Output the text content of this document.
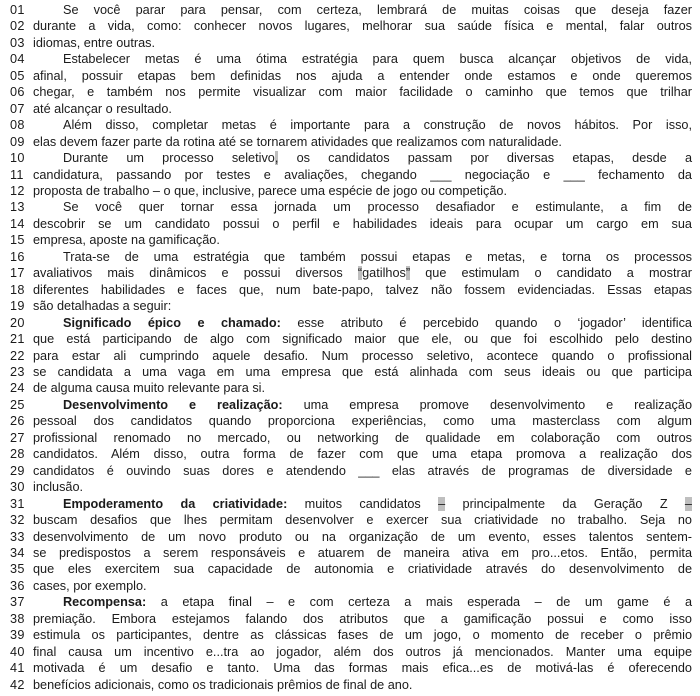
01	Se você parar para pensar, com certeza, lembrará de muitas coisas que deseja fazer
02 durante a vida, como: conhecer novos lugares, melhorar sua saúde física e mental, falar outros
03 idiomas, entre outras.
04	Estabelecer metas é uma ótima estratégia para quem busca alcançar objetivos de vida,
05 afinal, possuir etapas bem definidas nos ajuda a entender onde estamos e onde queremos
06 chegar, e também nos permite visualizar com maior facilidade o caminho que temos que trilhar
07 até alcançar o resultado.
08	Além disso, completar metas é importante para a construção de novos hábitos. Por isso,
09 elas devem fazer parte da rotina até se tornarem atividades que realizamos com naturalidade.
10	Durante um processo seletivo, os candidatos passam por diversas etapas, desde a
11 candidatura, passando por testes e avaliações, chegando ___ negociação e ___ fechamento da
12 proposta de trabalho – o que, inclusive, parece uma espécie de jogo ou competição.
13	Se você quer tornar essa jornada um processo desafiador e estimulante, a fim de
14 descobrir se um candidato possui o perfil e habilidades ideais para ocupar um cargo em sua
15 empresa, aposte na gamificação.
16	Trata-se de uma estratégia que também possui etapas e metas, e torna os processos
17 avaliativos mais dinâmicos e possui diversos “gatilhos” que estimulam o candidato a mostrar
18 diferentes habilidades e faces que, num bate-papo, talvez não fossem evidenciadas. Essas etapas
19 são detalhadas a seguir:
20	Significado épico e chamado: esse atributo é percebido quando o ‘jogador’ identifica
21 que está participando de algo com significado maior que ele, ou que foi escolhido pelo destino
22 para estar ali cumprindo aquele desafio. Num processo seletivo, acontece quando o profissional
23 se candidata a uma vaga em uma empresa que está alinhada com seus ideais ou que participa
24 de alguma causa muito relevante para si.
25	Desenvolvimento e realização: uma empresa promove desenvolvimento e realização
26 pessoal dos candidatos quando proporciona experiências, como uma masterclass com algum
27 profissional renomado no mercado, ou networking de qualidade em colaboração com outros
28 candidatos. Além disso, outra forma de fazer com que uma etapa promova a realização dos
29 candidatos é ouvindo suas dores e atendendo ___ elas através de programas de diversidade e
30 inclusão.
31	Empoderamento da criatividade: muitos candidatos – principalmente da Geração Z –
32 buscam desafios que lhes permitam desenvolver e exercer sua criatividade no trabalho. Seja no
33 desenvolvimento de um novo produto ou na organização de um evento, esses talentos sentem-
34 se predispostos a serem responsáveis e atuarem de maneira ativa em pro...etos. Então, permita
35 que eles exercitem sua capacidade de autonomia e criatividade através do desenvolvimento de
36 cases, por exemplo.
37	Recompensa: a etapa final – e com certeza a mais esperada – de um game é a
38 premiação. Embora estejamos falando dos atributos que a gamificação possui e como isso
39 estimula os participantes, dentre as clássicas fases de um jogo, o momento de receber o prêmio
40 final causa um incentivo e...tra ao jogador, além dos outros já mencionados. Manter uma equipe
41 motivada é um desafio e tanto. Uma das formas mais efica...es de motivá-las é oferecendo
42 benefícios adicionais, como os tradicionais prêmios de final de ano.
